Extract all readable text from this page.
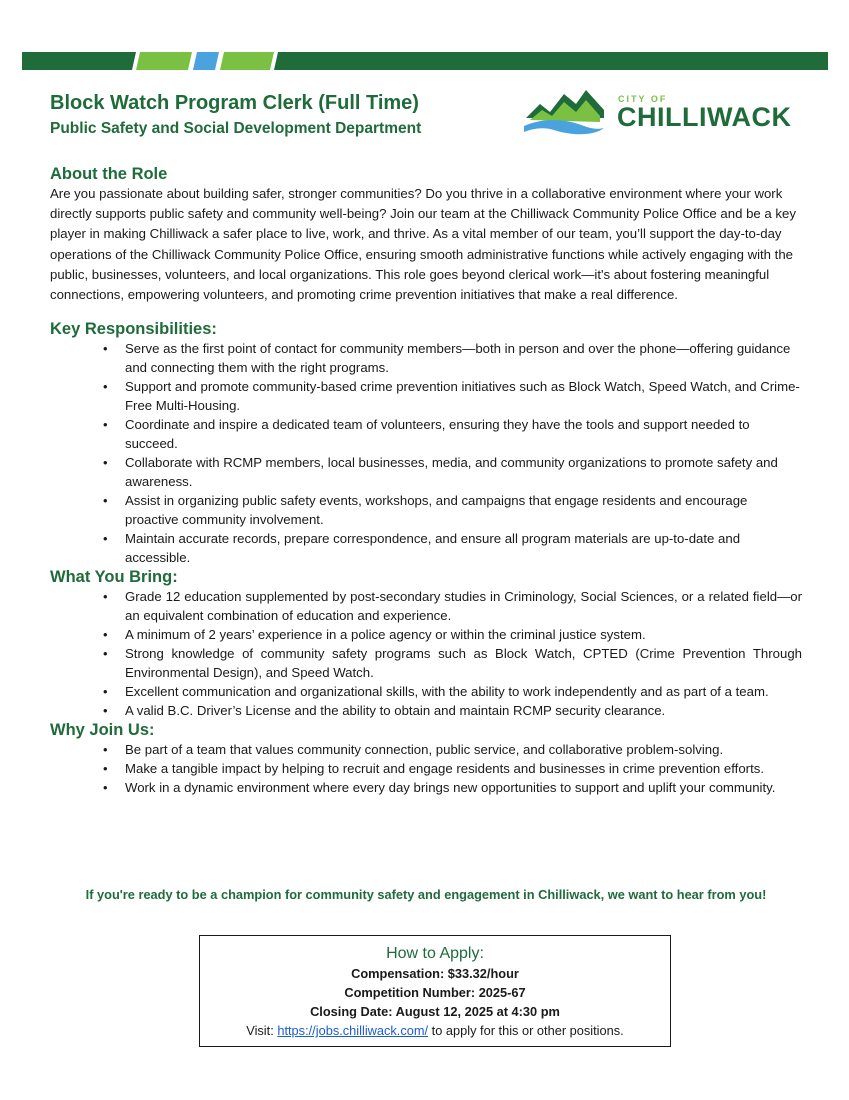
Block Watch Program Clerk (Full Time)
Public Safety and Social Development Department
CITY OF
CHILLIWACK
About the Role

Are you passionate about building safer, stronger communities? Do you thrive in a collaborative environment where your work directly supports public safety and community well-being? Join our team at the Chilliwack Community Police Office and be a key player in making Chilliwack a safer place to live, work, and thrive. As a vital member of our team, you’ll support the day-to-day operations of the Chilliwack Community Police Office, ensuring smooth administrative functions while actively engaging with the public, businesses, volunteers, and local organizations. This role goes beyond clerical work—it's about fostering meaningful connections, empowering volunteers, and promoting crime prevention initiatives that make a real difference.

Key Responsibilities:
• Serve as the first point of contact for community members—both in person and over the phone—offering guidance and connecting them with the right programs.
• Support and promote community-based crime prevention initiatives such as Block Watch, Speed Watch, and Crime-Free Multi-Housing.
• Coordinate and inspire a dedicated team of volunteers, ensuring they have the tools and support needed to succeed.
• Collaborate with RCMP members, local businesses, media, and community organizations to promote safety and awareness.
• Assist in organizing public safety events, workshops, and campaigns that engage residents and encourage proactive community involvement.
• Maintain accurate records, prepare correspondence, and ensure all program materials are up-to-date and accessible.
What You Bring:
• Grade 12 education supplemented by post-secondary studies in Criminology, Social Sciences, or a related field—or an equivalent combination of education and experience.
• A minimum of 2 years’ experience in a police agency or within the criminal justice system.
• Strong knowledge of community safety programs such as Block Watch, CPTED (Crime Prevention Through Environmental Design), and Speed Watch.
• Excellent communication and organizational skills, with the ability to work independently and as part of a team.
• A valid B.C. Driver’s License and the ability to obtain and maintain RCMP security clearance.
Why Join Us:
• Be part of a team that values community connection, public service, and collaborative problem-solving.
• Make a tangible impact by helping to recruit and engage residents and businesses in crime prevention efforts.
• Work in a dynamic environment where every day brings new opportunities to support and uplift your community.
If you're ready to be a champion for community safety and engagement in Chilliwack, we want to hear from you!
How to Apply:
Compensation: $33.32/hour
Competition Number: 2025-67
Closing Date: August 12, 2025 at 4:30 pm
Visit: https://jobs.chilliwack.com/ to apply for this or other positions.
